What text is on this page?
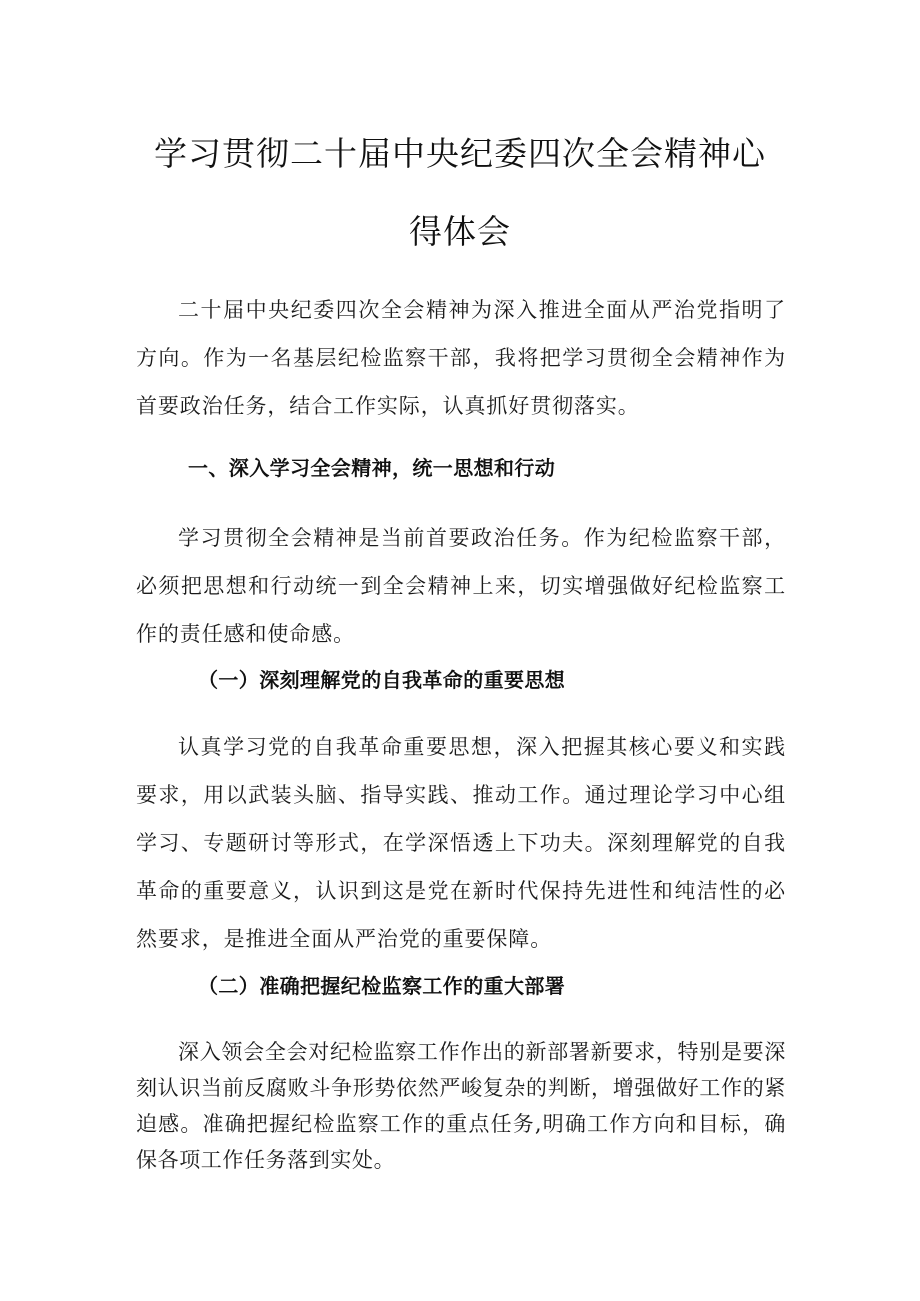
学习贯彻二十届中央纪委四次全会精神心
得体会

二十届中央纪委四次全会精神为深入推进全面从严治党指明了方向。作为一名基层纪检监察干部，我将把学习贯彻全会精神作为首要政治任务，结合工作实际，认真抓好贯彻落实。

一、深入学习全会精神，统一思想和行动

学习贯彻全会精神是当前首要政治任务。作为纪检监察干部，必须把思想和行动统一到全会精神上来，切实增强做好纪检监察工作的责任感和使命感。

（一）深刻理解党的自我革命的重要思想

认真学习党的自我革命重要思想，深入把握其核心要义和实践要求，用以武装头脑、指导实践、推动工作。通过理论学习中心组学习、专题研讨等形式，在学深悟透上下功夫。深刻理解党的自我革命的重要意义，认识到这是党在新时代保持先进性和纯洁性的必然要求，是推进全面从严治党的重要保障。

（二）准确把握纪检监察工作的重大部署

深入领会全会对纪检监察工作作出的新部署新要求，特别是要深刻认识当前反腐败斗争形势依然严峻复杂的判断，增强做好工作的紧迫感。准确把握纪检监察工作的重点任务,明确工作方向和目标，确保各项工作任务落到实处。
